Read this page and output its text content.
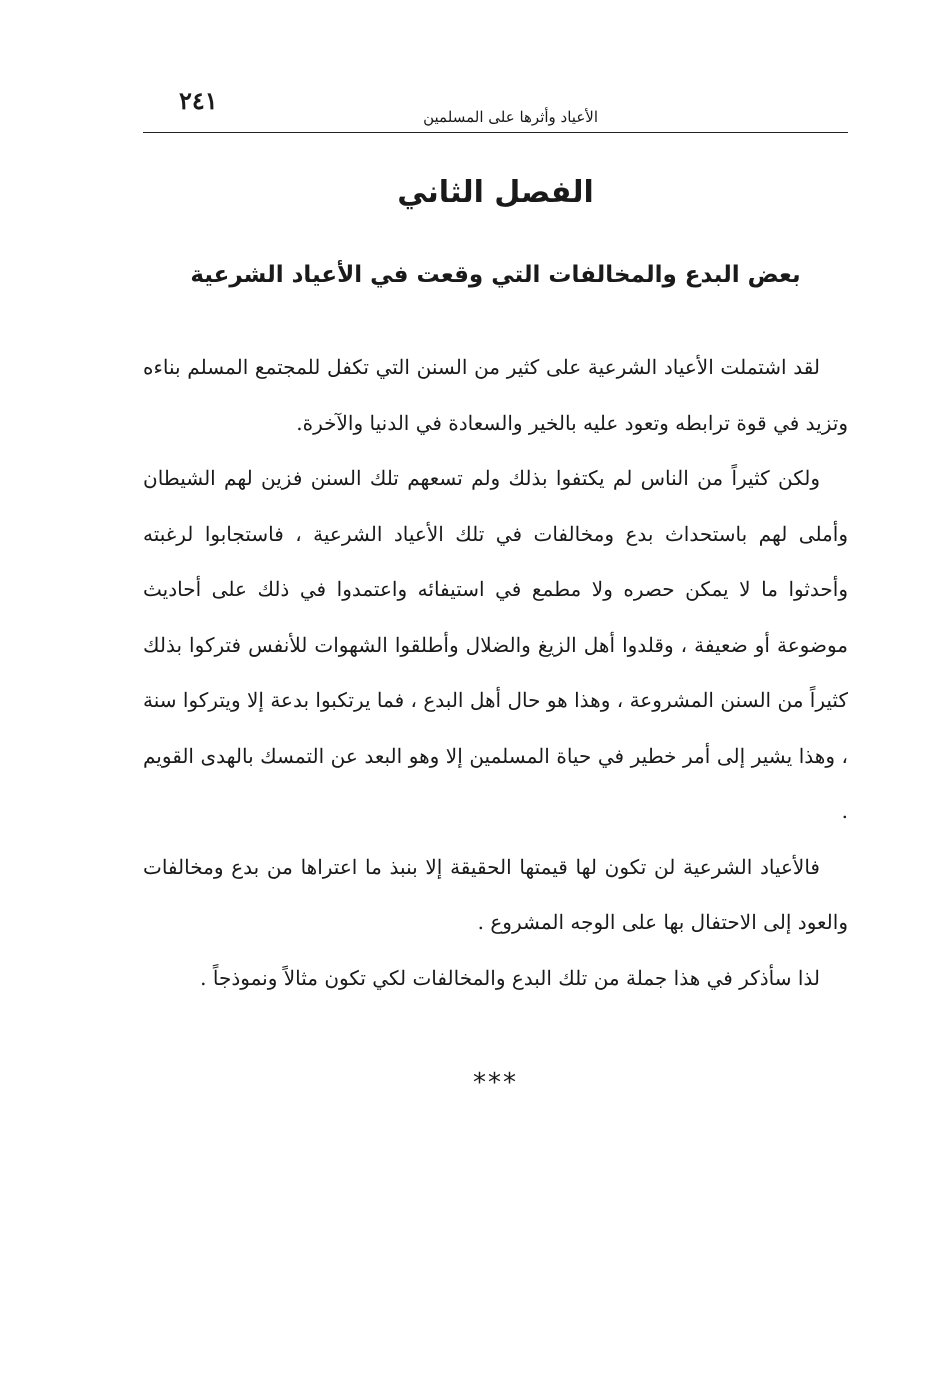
الأعياد وأثرها على المسلمين
٢٤١
الفصل الثاني
بعض البدع والمخالفات التي وقعت في الأعياد الشرعية

لقد اشتملت الأعياد الشرعية على كثير من السنن التي تكفل للمجتمع المسلم بناءه وتزيد في قوة ترابطه وتعود عليه بالخير والسعادة في الدنيا والآخرة.

ولكن كثيراً من الناس لم يكتفوا بذلك ولم تسعهم تلك السنن فزين لهم الشيطان وأملى لهم باستحداث بدع ومخالفات في تلك الأعياد الشرعية ، فاستجابوا لرغبته وأحدثوا ما لا يمكن حصره ولا مطمع في استيفائه واعتمدوا في ذلك على أحاديث موضوعة أو ضعيفة ، وقلدوا أهل الزيغ والضلال وأطلقوا الشهوات للأنفس فتركوا بذلك كثيراً من السنن المشروعة ، وهذا هو حال أهل البدع ، فما يرتكبوا بدعة إلا ويتركوا سنة ، وهذا يشير إلى أمر خطير في حياة المسلمين إلا وهو البعد عن التمسك بالهدى القويم .

فالأعياد الشرعية لن تكون لها قيمتها الحقيقة إلا بنبذ ما اعتراها من بدع ومخالفات والعود إلى الاحتفال بها على الوجه المشروع .

لذا سأذكر في هذا جملة من تلك البدع والمخالفات لكي تكون مثالاً ونموذجاً .

***
